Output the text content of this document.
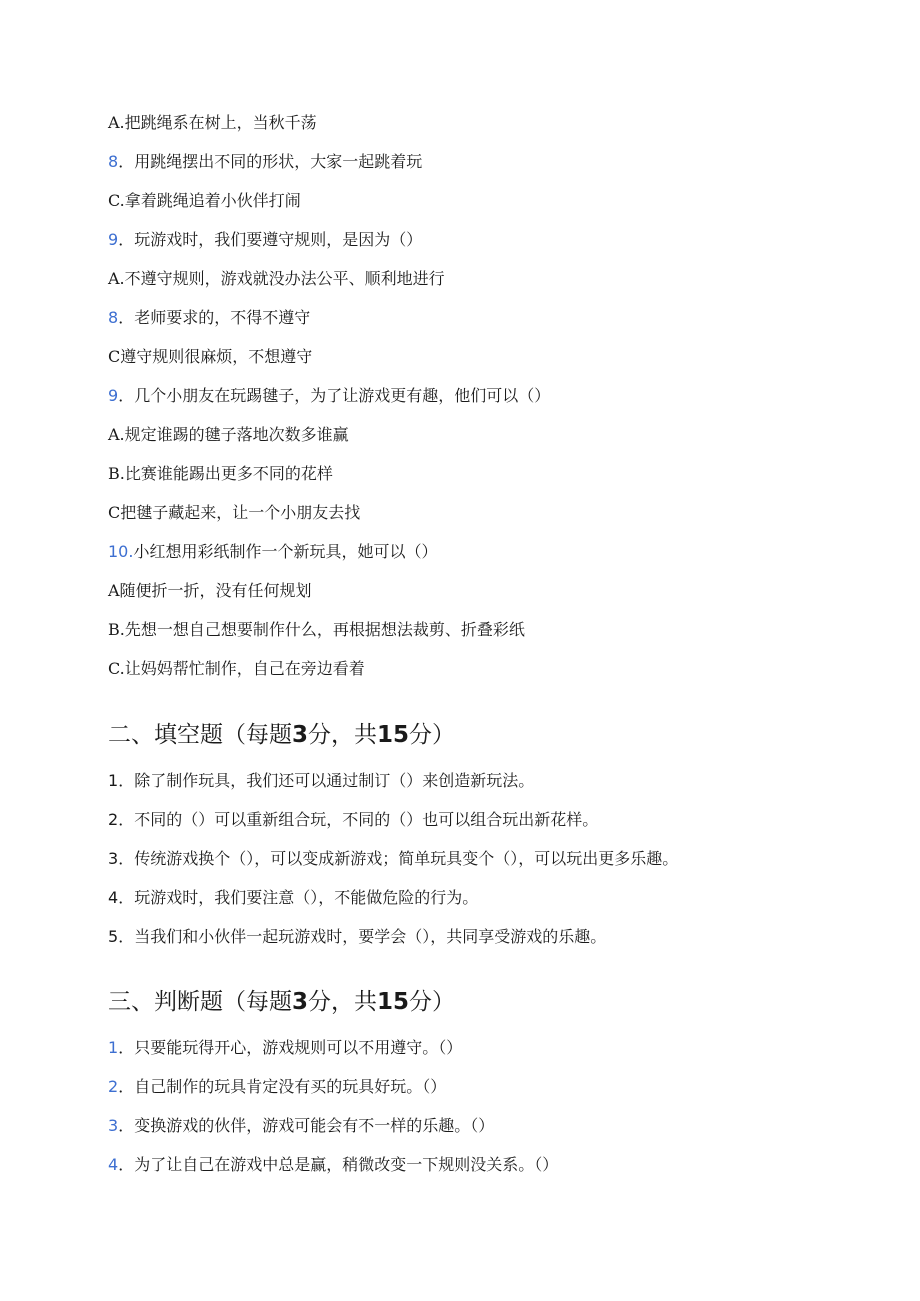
A.把跳绳系在树上，当秋千荡
8．用跳绳摆出不同的形状，大家一起跳着玩
C.拿着跳绳追着小伙伴打闹
9．玩游戏时，我们要遵守规则，是因为（）
A.不遵守规则，游戏就没办法公平、顺利地进行
8．老师要求的，不得不遵守
C遵守规则很麻烦，不想遵守
9．几个小朋友在玩踢毽子，为了让游戏更有趣，他们可以（）
A.规定谁踢的毽子落地次数多谁赢
B.比赛谁能踢出更多不同的花样
C把毽子藏起来，让一个小朋友去找
10.小红想用彩纸制作一个新玩具，她可以（）
A随便折一折，没有任何规划
B.先想一想自己想要制作什么，再根据想法裁剪、折叠彩纸
C.让妈妈帮忙制作，自己在旁边看着
二、填空题（每题3分，共15分）
1．除了制作玩具，我们还可以通过制订（）来创造新玩法。
2．不同的（）可以重新组合玩，不同的（）也可以组合玩出新花样。
3．传统游戏换个（），可以变成新游戏；简单玩具变个（），可以玩出更多乐趣。
4．玩游戏时，我们要注意（），不能做危险的行为。
5．当我们和小伙伴一起玩游戏时，要学会（），共同享受游戏的乐趣。
三、判断题（每题3分，共15分）
1．只要能玩得开心，游戏规则可以不用遵守。（）
2．自己制作的玩具肯定没有买的玩具好玩。（）
3．变换游戏的伙伴，游戏可能会有不一样的乐趣。（）
4．为了让自己在游戏中总是赢，稍微改变一下规则没关系。（）
